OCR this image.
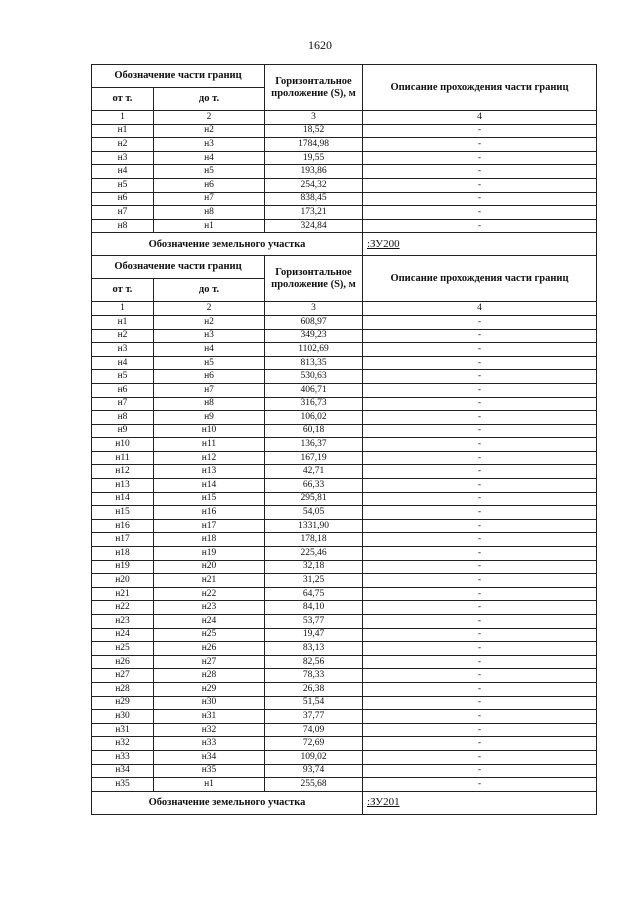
1620
Обозначение части границ		Горизонтальное проложение (S), м	Описание прохождения части границ
от т.	до т.		
1	2	3	4
н1	н2	18,52	-
н2	н3	1784,98	-
н3	н4	19,55	-
н4	н5	193,86	-
н5	н6	254,32	-
н6	н7	838,45	-
н7	н8	173,21	-
н8	н1	324,84	-
Обозначение земельного участка			:ЗУ200
Обозначение части границ		Горизонтальное проложение (S), м	Описание прохождения части границ
от т.	до т.		
1	2	3	4
н1	н2	608,97	-
н2	н3	349,23	-
н3	н4	1102,69	-
н4	н5	813,35	-
н5	н6	530,63	-
н6	н7	406,71	-
н7	н8	316,73	-
н8	н9	106,02	-
н9	н10	60,18	-
н10	н11	136,37	-
н11	н12	167,19	-
н12	н13	42,71	-
н13	н14	66,33	-
н14	н15	295,81	-
н15	н16	54,05	-
н16	н17	1331,90	-
н17	н18	178,18	-
н18	н19	225,46	-
н19	н20	32,18	-
н20	н21	31,25	-
н21	н22	64,75	-
н22	н23	84,10	-
н23	н24	53,77	-
н24	н25	19,47	-
н25	н26	83,13	-
н26	н27	82,56	-
н27	н28	78,33	-
н28	н29	26,38	-
н29	н30	51,54	-
н30	н31	37,77	-
н31	н32	74,09	-
н32	н33	72,69	-
н33	н34	109,02	-
н34	н35	93,74	-
н35	н1	255,68	-
Обозначение земельного участка			:ЗУ201
